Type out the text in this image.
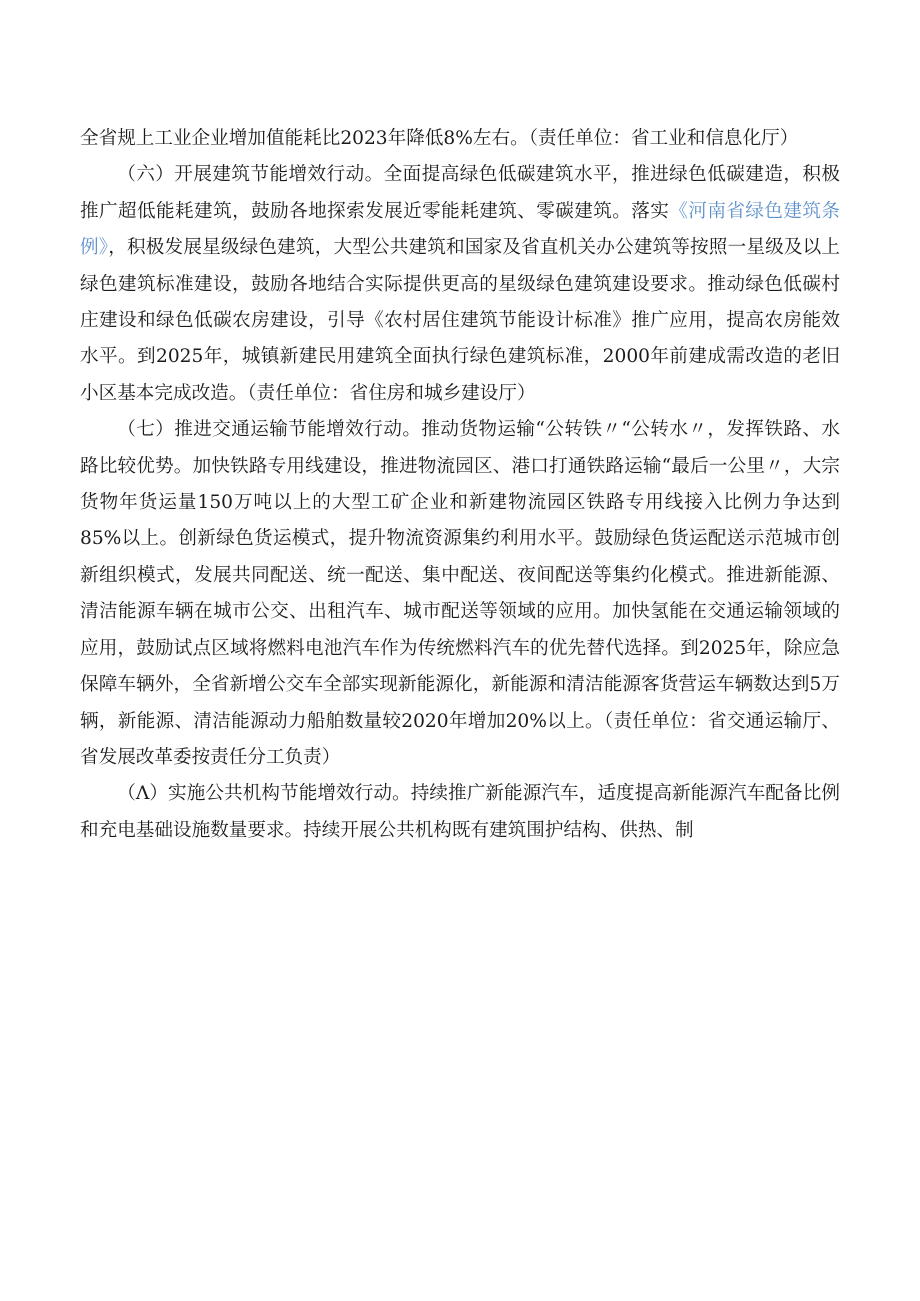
全省规上工业企业增加值能耗比2023年降低8%左右。（责任单位：省工业和信息化厅）

（六）开展建筑节能增效行动。全面提高绿色低碳建筑水平，推进绿色低碳建造，积极推广超低能耗建筑，鼓励各地探索发展近零能耗建筑、零碳建筑。落实《河南省绿色建筑条例》，积极发展星级绿色建筑，大型公共建筑和国家及省直机关办公建筑等按照一星级及以上绿色建筑标准建设，鼓励各地结合实际提供更高的星级绿色建筑建设要求。推动绿色低碳村庄建设和绿色低碳农房建设，引导《农村居住建筑节能设计标准》推广应用，提高农房能效水平。到2025年，城镇新建民用建筑全面执行绿色建筑标准，2000年前建成需改造的老旧小区基本完成改造。（责任单位：省住房和城乡建设厅）

（七）推进交通运输节能增效行动。推动货物运输“公转铁〃“公转水〃，发挥铁路、水路比较优势。加快铁路专用线建设，推进物流园区、港口打通铁路运输“最后一公里〃，大宗货物年货运量150万吨以上的大型工矿企业和新建物流园区铁路专用线接入比例力争达到85%以上。创新绿色货运模式，提升物流资源集约利用水平。鼓励绿色货运配送示范城市创新组织模式，发展共同配送、统一配送、集中配送、夜间配送等集约化模式。推进新能源、清洁能源车辆在城市公交、出租汽车、城市配送等领域的应用。加快氢能在交通运输领域的应用，鼓励试点区域将燃料电池汽车作为传统燃料汽车的优先替代选择。到2025年，除应急保障车辆外，全省新增公交车全部实现新能源化，新能源和清洁能源客货营运车辆数达到5万辆，新能源、清洁能源动力船舶数量较2020年增加20%以上。（责任单位：省交通运输厅、省发展改革委按责任分工负责）

（Λ）实施公共机构节能增效行动。持续推广新能源汽车，适度提高新能源汽车配备比例和充电基础设施数量要求。持续开展公共机构既有建筑围护结构、供热、制
